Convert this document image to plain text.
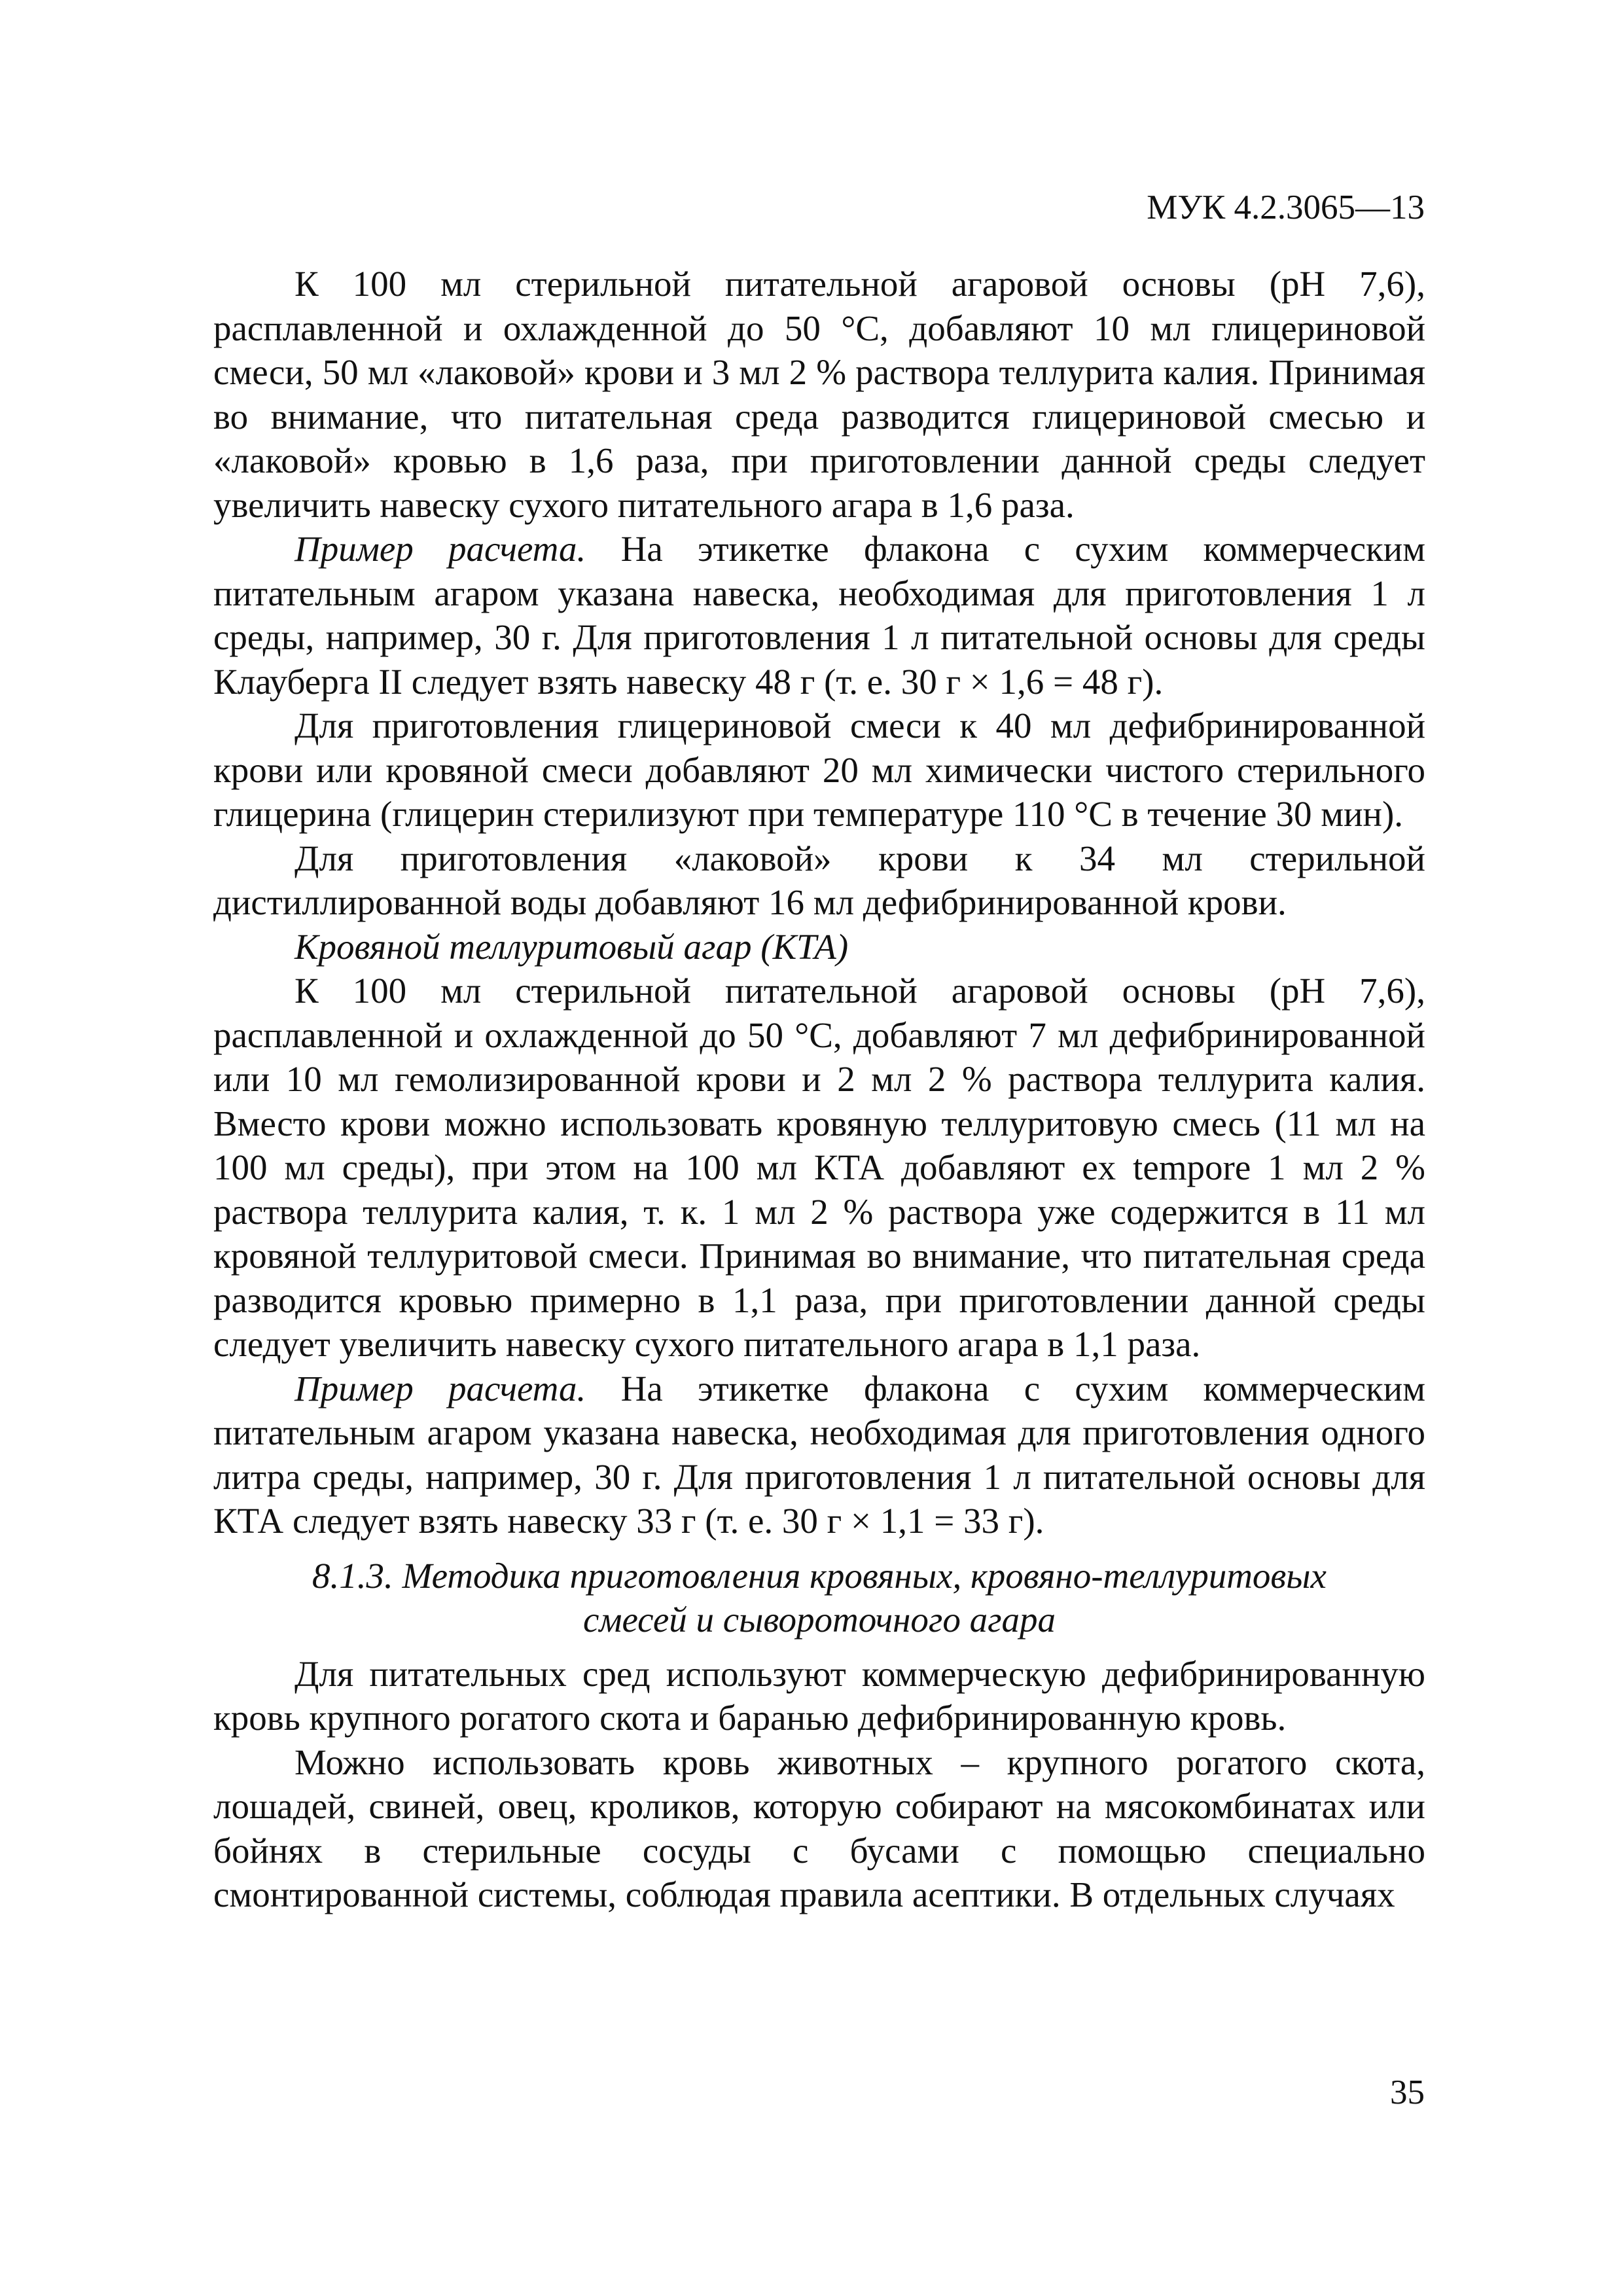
МУК 4.2.3065—13

К 100 мл стерильной питательной агаровой основы (рН 7,6), расплавленной и охлажденной до 50 °С, добавляют 10 мл глицериновой смеси, 50 мл «лаковой» крови и 3 мл 2 % раствора теллурита калия. Принимая во внимание, что питательная среда разводится глицериновой смесью и «лаковой» кровью в 1,6 раза, при приготовлении данной среды следует увеличить навеску сухого питательного агара в 1,6 раза.

Пример расчета. На этикетке флакона с сухим коммерческим питательным агаром указана навеска, необходимая для приготовления 1 л среды, например, 30 г. Для приготовления 1 л питательной основы для среды Клауберга II следует взять навеску 48 г (т. е. 30 г × 1,6 = 48 г).

Для приготовления глицериновой смеси к 40 мл дефибринированной крови или кровяной смеси добавляют 20 мл химически чистого стерильного глицерина (глицерин стерилизуют при температуре 110 °С в течение 30 мин).

Для приготовления «лаковой» крови к 34 мл стерильной дистиллированной воды добавляют 16 мл дефибринированной крови.

Кровяной теллуритовый агар (КТА)

К 100 мл стерильной питательной агаровой основы (рН 7,6), расплавленной и охлажденной до 50 °С, добавляют 7 мл дефибринированной или 10 мл гемолизированной крови и 2 мл 2 % раствора теллурита калия. Вместо крови можно использовать кровяную теллуритовую смесь (11 мл на 100 мл среды), при этом на 100 мл КТА добавляют ex tempore 1 мл 2 % раствора теллурита калия, т. к. 1 мл 2 % раствора уже содержится в 11 мл кровяной теллуритовой смеси. Принимая во внимание, что питательная среда разводится кровью примерно в 1,1 раза, при приготовлении данной среды следует увеличить навеску сухого питательного агара в 1,1 раза.

Пример расчета. На этикетке флакона с сухим коммерческим питательным агаром указана навеска, необходимая для приготовления одного литра среды, например, 30 г. Для приготовления 1 л питательной основы для КТА следует взять навеску 33 г (т. е. 30 г × 1,1 = 33 г).

8.1.3. Методика приготовления кровяных, кровяно-теллуритовых
смесей и сывороточного агара

Для питательных сред используют коммерческую дефибринированную кровь крупного рогатого скота и баранью дефибринированную кровь.

Можно использовать кровь животных – крупного рогатого скота, лошадей, свиней, овец, кроликов, которую собирают на мясокомбинатах или бойнях в стерильные сосуды с бусами с помощью специально смонтированной системы, соблюдая правила асептики. В отдельных случаях

35
